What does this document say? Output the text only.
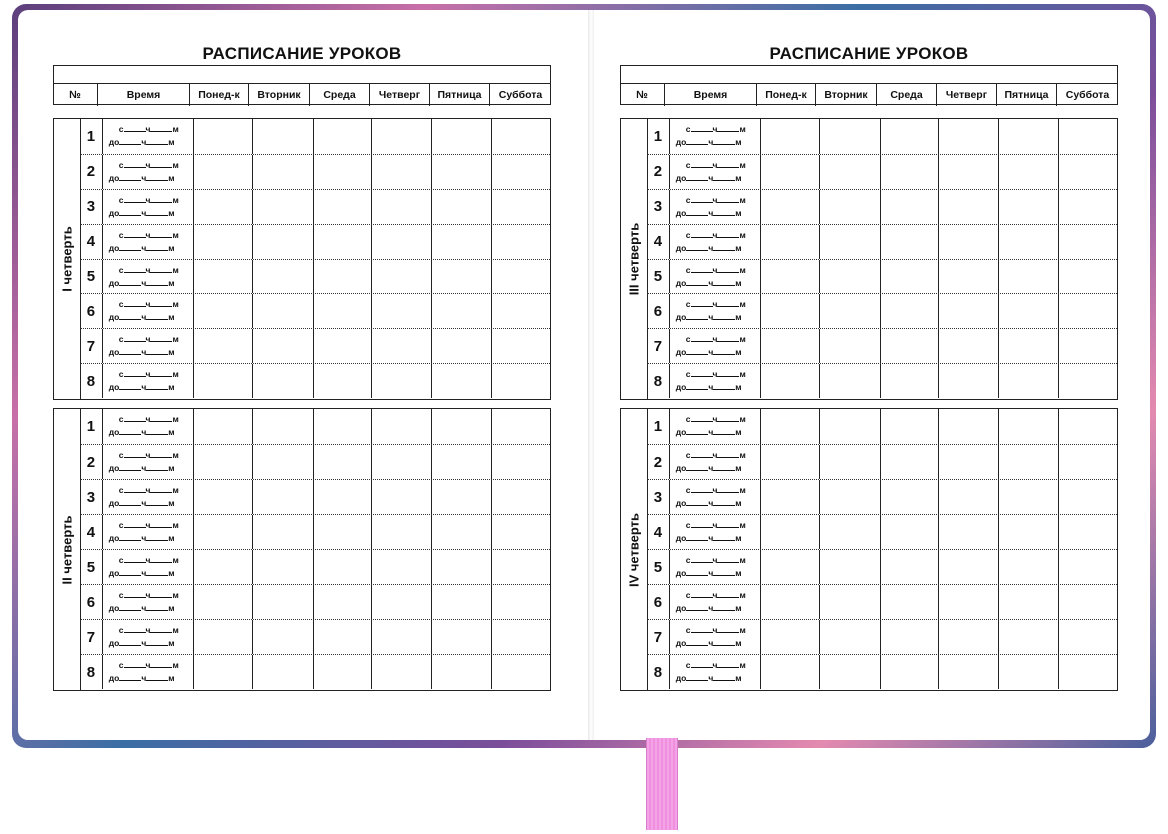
РАСПИСАНИЕ УРОКОВ
№	Время	Понед-к	Вторник	Среда	Четверг	Пятница	Суббота
I четверть
1	с	ч	м
до	ч	м
2	с	ч	м
до	ч	м
3	с	ч	м
до	ч	м
4	с	ч	м
до	ч	м
5	с	ч	м
до	ч	м
6	с	ч	м
до	ч	м
7	с	ч	м
до	ч	м
8	с	ч	м
до	ч	м
II четверть
1	с	ч	м
до	ч	м
2	с	ч	м
до	ч	м
3	с	ч	м
до	ч	м
4	с	ч	м
до	ч	м
5	с	ч	м
до	ч	м
6	с	ч	м
до	ч	м
7	с	ч	м
до	ч	м
8	с	ч	м
до	ч	м
РАСПИСАНИЕ УРОКОВ
№	Время	Понед-к	Вторник	Среда	Четверг	Пятница	Суббота
III четверть
1	с	ч	м
до	ч	м
2	с	ч	м
до	ч	м
3	с	ч	м
до	ч	м
4	с	ч	м
до	ч	м
5	с	ч	м
до	ч	м
6	с	ч	м
до	ч	м
7	с	ч	м
до	ч	м
8	с	ч	м
до	ч	м
IV четверть
1	с	ч	м
до	ч	м
2	с	ч	м
до	ч	м
3	с	ч	м
до	ч	м
4	с	ч	м
до	ч	м
5	с	ч	м
до	ч	м
6	с	ч	м
до	ч	м
7	с	ч	м
до	ч	м
8	с	ч	м
до	ч	м
